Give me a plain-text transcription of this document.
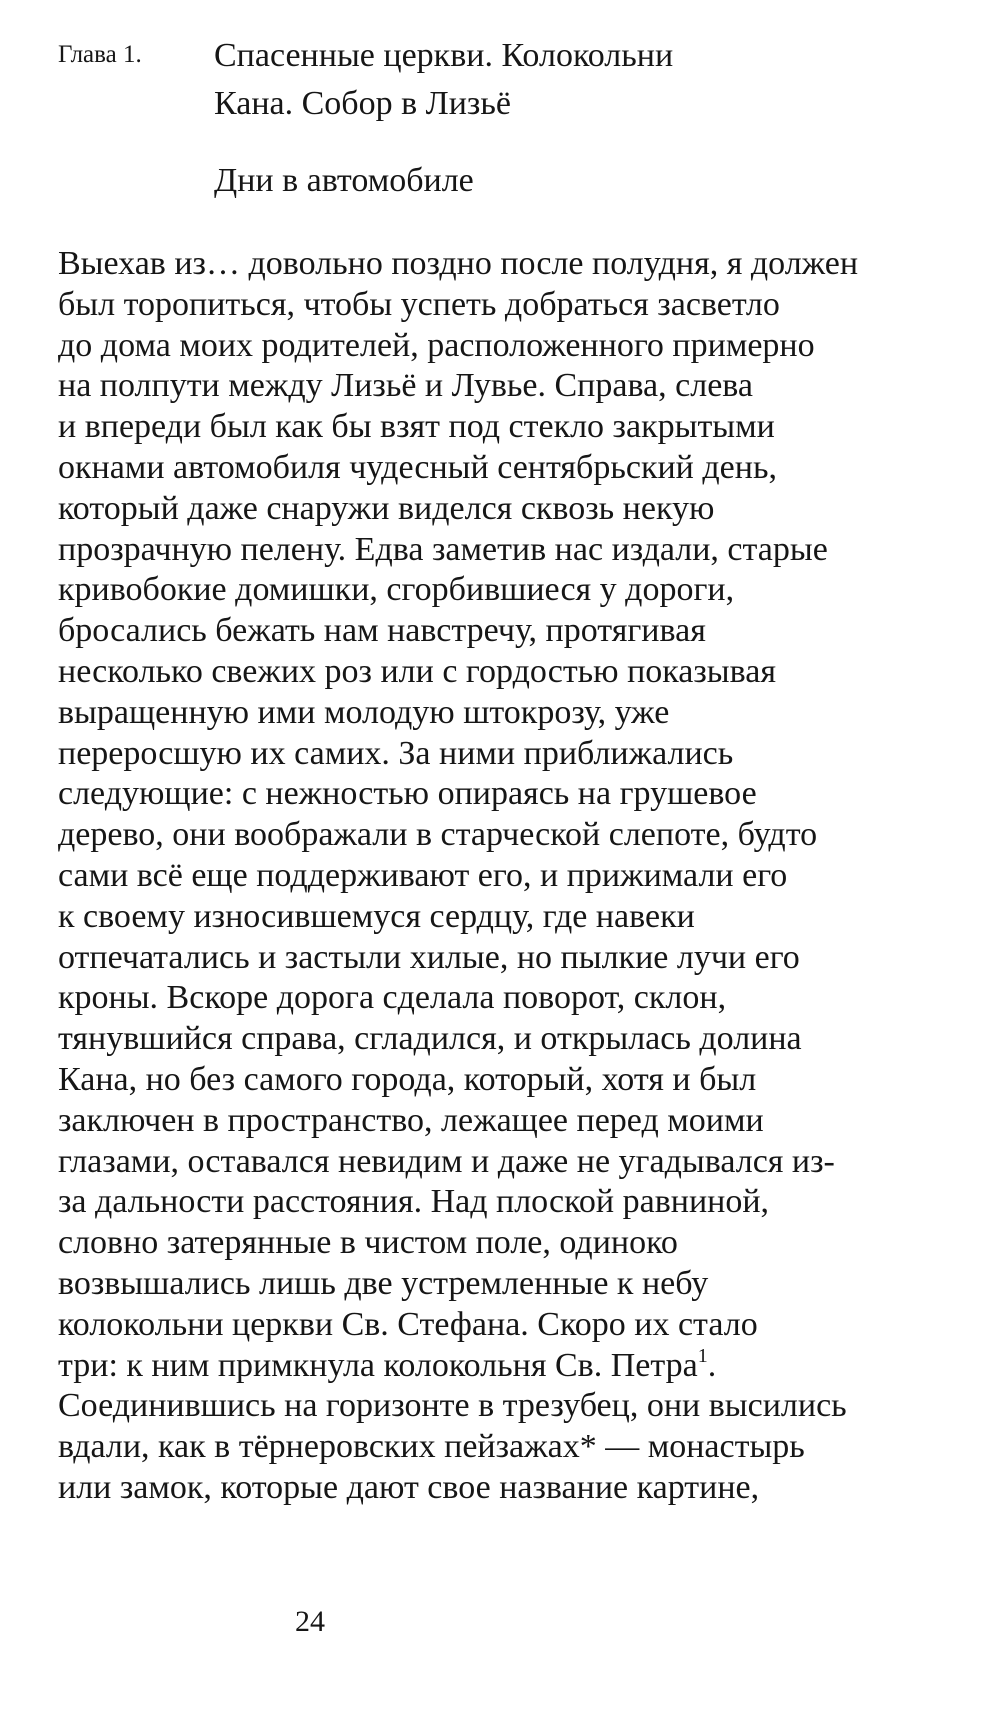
Глава 1. Спасенные церкви. Колокольни
Кана. Собор в Лизьё
Дни в автомобиле
Выехав из… довольно поздно после полудня, я должен
был торопиться, чтобы успеть добраться засветло
до дома моих родителей, расположенного примерно
на полпути между Лизьё и Лувье. Справа, слева
и впереди был как бы взят под стекло закрытыми
окнами автомобиля чудесный сентябрьский день,
который даже снаружи виделся сквозь некую
прозрачную пелену. Едва заметив нас издали, старые
кривобокие домишки, сгорбившиеся у дороги,
бросались бежать нам навстречу, протягивая
несколько свежих роз или с гордостью показывая
выращенную ими молодую штокрозу, уже
переросшую их самих. За ними приближались
следующие: с нежностью опираясь на грушевое
дерево, они воображали в старческой слепоте, будто
сами всё еще поддерживают его, и прижимали его
к своему износившемуся сердцу, где навеки
отпечатались и застыли хилые, но пылкие лучи его
кроны. Вскоре дорога сделала поворот, склон,
тянувшийся справа, сгладился, и открылась долина
Кана, но без самого города, который, хотя и был
заключен в пространство, лежащее перед моими
глазами, оставался невидим и даже не угадывался из-
за дальности расстояния. Над плоской равниной,
словно затерянные в чистом поле, одиноко
возвышались лишь две устремленные к небу
колокольни церкви Св. Стефана. Скоро их стало
три: к ним примкнула колокольня Св. Петра$^1$.
Соединившись на горизонте в трезубец, они высились
вдали, как в тёрнеровских пейзажах* — монастырь
или замок, которые дают свое название картине,
24
